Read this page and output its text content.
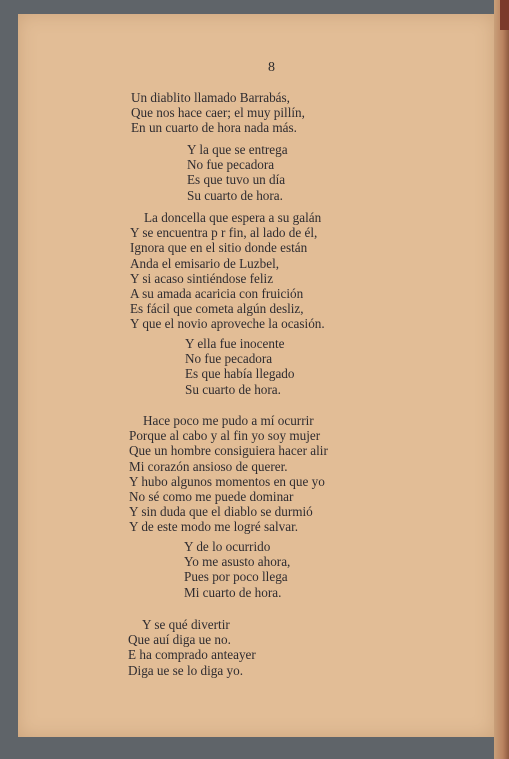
8
Un diablito llamado Barrabás,
Que nos hace caer; el muy pillín,
En un cuarto de hora nada más.
Y la que se entrega
No fue pecadora
Es que tuvo un día
Su cuarto de hora.
La doncella que espera a su galán
Y se encuentra p r fin, al lado de él,
Ignora que en el sitio donde están
Anda el emisario de Luzbel,
Y si acaso sintiéndose feliz
A su amada acaricia con fruición
Es fácil que cometa algún desliz,
Y que el novio aproveche la ocasión.
Y ella fue inocente
No fue pecadora
Es que había llegado
Su cuarto de hora.
Hace poco me pudo a mí ocurrir
Porque al cabo y al fin yo soy mujer
Que un hombre consiguiera hacer alir
Mi corazón ansioso de querer.
Y hubo algunos momentos en que yo
No sé como me puede dominar
Y sin duda que el diablo se durmió
Y de este modo me logré salvar.
Y de lo ocurrido
Yo me asusto ahora,
Pues por poco llega
Mi cuarto de hora.
Y se qué divertir
Que auí diga ue no.
E ha comprado anteayer
Diga ue se lo diga yo.
